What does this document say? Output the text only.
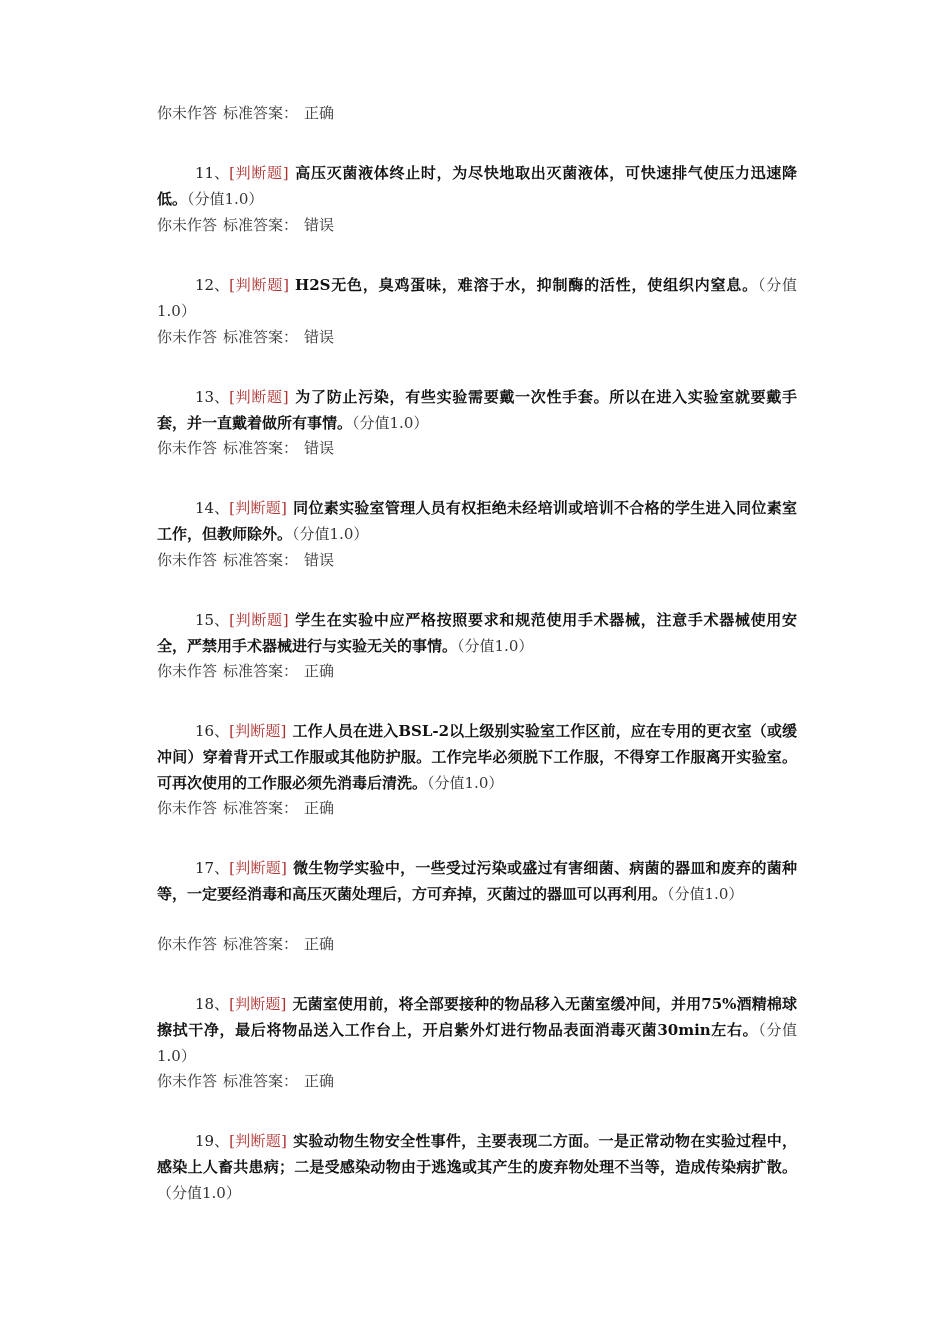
你未作答 标准答案： 正确
11、[判断题] 高压灭菌液体终止时，为尽快地取出灭菌液体，可快速排气使压力迅速降低。（分值1.0）
你未作答 标准答案： 错误
12、[判断题] H2S无色，臭鸡蛋味，难溶于水，抑制酶的活性，使组织内窒息。（分值1.0）
你未作答 标准答案： 错误
13、[判断题] 为了防止污染，有些实验需要戴一次性手套。所以在进入实验室就要戴手套，并一直戴着做所有事情。（分值1.0）
你未作答 标准答案： 错误
14、[判断题] 同位素实验室管理人员有权拒绝未经培训或培训不合格的学生进入同位素室工作，但教师除外。（分值1.0）
你未作答 标准答案： 错误
15、[判断题] 学生在实验中应严格按照要求和规范使用手术器械，注意手术器械使用安全，严禁用手术器械进行与实验无关的事情。（分值1.0）
你未作答 标准答案： 正确
16、[判断题] 工作人员在进入BSL-2以上级别实验室工作区前，应在专用的更衣室（或缓冲间）穿着背开式工作服或其他防护服。工作完毕必须脱下工作服，不得穿工作服离开实验室。可再次使用的工作服必须先消毒后清洗。（分值1.0）
你未作答 标准答案： 正确
17、[判断题] 微生物学实验中，一些受过污染或盛过有害细菌、病菌的器皿和废弃的菌种等，一定要经消毒和高压灭菌处理后，方可弃掉，灭菌过的器皿可以再利用。（分值1.0）
你未作答 标准答案： 正确
18、[判断题] 无菌室使用前，将全部要接种的物品移入无菌室缓冲间，并用75%酒精棉球擦拭干净，最后将物品送入工作台上，开启紫外灯进行物品表面消毒灭菌30min左右。（分值1.0）
你未作答 标准答案： 正确
19、[判断题] 实验动物生物安全性事件，主要表现二方面。一是正常动物在实验过程中，感染上人畜共患病；二是受感染动物由于逃逸或其产生的废弃物处理不当等，造成传染病扩散。（分值1.0）
